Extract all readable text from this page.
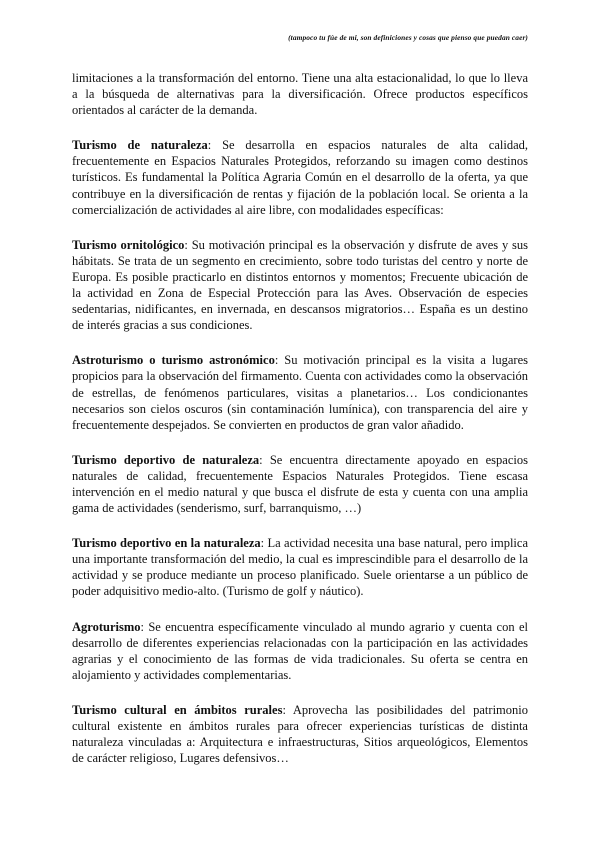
(tampoco tu fúe de mi, son definiciones y cosas que pienso que puedan caer)

limitaciones a la transformación del entorno. Tiene una alta estacionalidad, lo que lo lleva a la búsqueda de alternativas para la diversificación. Ofrece productos específicos orientados al carácter de la demanda.

Turismo de naturaleza: Se desarrolla en espacios naturales de alta calidad, frecuentemente en Espacios Naturales Protegidos, reforzando su imagen como destinos turísticos. Es fundamental la Política Agraria Común en el desarrollo de la oferta, ya que contribuye en la diversificación de rentas y fijación de la población local. Se orienta a la comercialización de actividades al aire libre, con modalidades específicas:

Turismo ornitológico: Su motivación principal es la observación y disfrute de aves y sus hábitats. Se trata de un segmento en crecimiento, sobre todo turistas del centro y norte de Europa. Es posible practicarlo en distintos entornos y momentos; Frecuente ubicación de la actividad en Zona de Especial Protección para las Aves. Observación de especies sedentarias, nidificantes, en invernada, en descansos migratorios… España es un destino de interés gracias a sus condiciones.

Astroturismo o turismo astronómico: Su motivación principal es la visita a lugares propicios para la observación del firmamento. Cuenta con actividades como la observación de estrellas, de fenómenos particulares, visitas a planetarios… Los condicionantes necesarios son cielos oscuros (sin contaminación lumínica), con transparencia del aire y frecuentemente despejados. Se convierten en productos de gran valor añadido.

Turismo deportivo de naturaleza: Se encuentra directamente apoyado en espacios naturales de calidad, frecuentemente Espacios Naturales Protegidos. Tiene escasa intervención en el medio natural y que busca el disfrute de esta y cuenta con una amplia gama de actividades (senderismo, surf, barranquismo, …)

Turismo deportivo en la naturaleza: La actividad necesita una base natural, pero implica una importante transformación del medio, la cual es imprescindible para el desarrollo de la actividad y se produce mediante un proceso planificado. Suele orientarse a un público de poder adquisitivo medio-alto. (Turismo de golf y náutico).

Agroturismo: Se encuentra específicamente vinculado al mundo agrario y cuenta con el desarrollo de diferentes experiencias relacionadas con la participación en las actividades agrarias y el conocimiento de las formas de vida tradicionales. Su oferta se centra en alojamiento y actividades complementarias.

Turismo cultural en ámbitos rurales: Aprovecha las posibilidades del patrimonio cultural existente en ámbitos rurales para ofrecer experiencias turísticas de distinta naturaleza vinculadas a: Arquitectura e infraestructuras, Sitios arqueológicos, Elementos de carácter religioso, Lugares defensivos…
